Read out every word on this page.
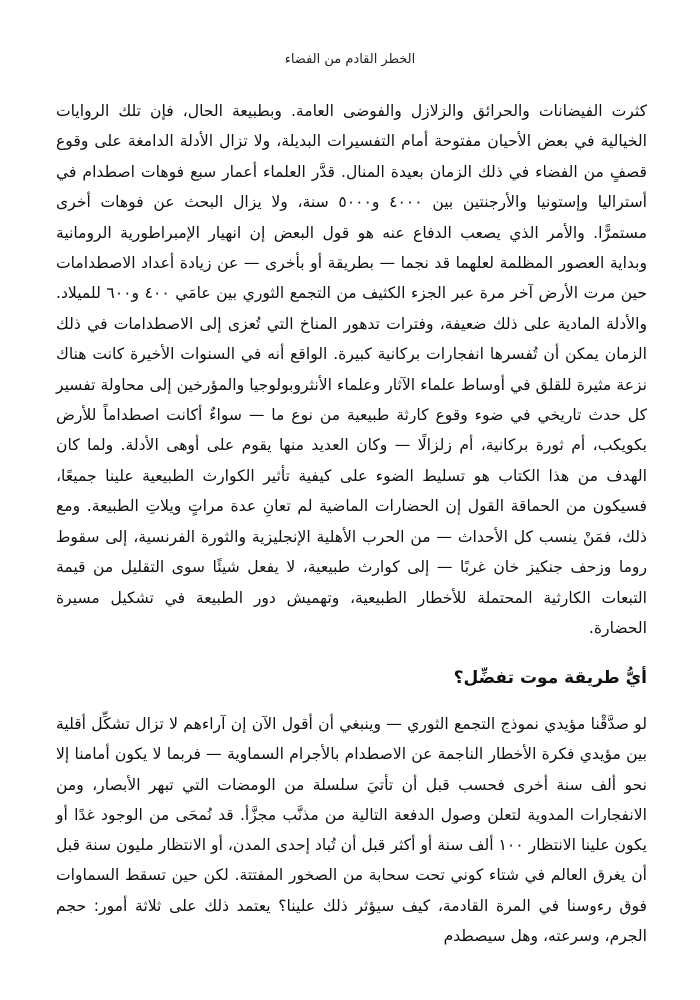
الخطر القادم من الفضاء

كثرت الفيضانات والحرائق والزلازل والفوضى العامة. وبطبيعة الحال، فإن تلك الروايات الخيالية في بعض الأحيان مفتوحة أمام التفسيرات البديلة، ولا تزال الأدلة الدامغة على وقوع قصفٍ من الفضاء في ذلك الزمان بعيدة المنال. قدَّر العلماء أعمار سبع فوهات اصطدام في أستراليا وإستونيا والأرجنتين بين ٤٠٠٠ و٥٠٠٠ سنة، ولا يزال البحث عن فوهات أخرى مستمرًّا. والأمر الذي يصعب الدفاع عنه هو قول البعض إن انهيار الإمبراطورية الرومانية وبداية العصور المظلمة لعلهما قد نجما — بطريقة أو بأخرى — عن زيادة أعداد الاصطدامات حين مرت الأرض آخر مرة عبر الجزء الكثيف من التجمع الثوري بين عامَي ٤٠٠ و٦٠٠ للميلاد. والأدلة المادية على ذلك ضعيفة، وفترات تدهور المناخ التي تُعزى إلى الاصطدامات في ذلك الزمان يمكن أن تُفسرها انفجارات بركانية كبيرة. الواقع أنه في السنوات الأخيرة كانت هناك نزعة مثيرة للقلق في أوساط علماء الآثار وعلماء الأنثروبولوجيا والمؤرخين إلى محاولة تفسير كل حدث تاريخي في ضوء وقوع كارثة طبيعية من نوع ما — سواءٌ أكانت اصطداماً للأرض بكويكب، أم ثورة بركانية، أم زلزالًا — وكان العديد منها يقوم على أوهى الأدلة. ولما كان الهدف من هذا الكتاب هو تسليط الضوء على كيفية تأثير الكوارث الطبيعية علينا جميعًا، فسيكون من الحماقة القول إن الحضارات الماضية لم تعانِ عدة مراتٍ ويلاتِ الطبيعة. ومع ذلك، فمَنْ ينسب كل الأحداث — من الحرب الأهلية الإنجليزية والثورة الفرنسية، إلى سقوط روما وزحف جنكيز خان غربًا — إلى كوارث طبيعية، لا يفعل شيئًا سوى التقليل من قيمة التبعات الكارثية المحتملة للأخطار الطبيعية، وتهميش دور الطبيعة في تشكيل مسيرة الحضارة.

أيُّ طريقة موت تفضِّل؟

لو صدَّقْنا مؤيدي نموذج التجمع الثوري — وينبغي أن أقول الآن إن آراءهم لا تزال تشكِّل أقلية بين مؤيدي فكرة الأخطار الناجمة عن الاصطدام بالأجرام السماوية — فربما لا يكون أمامنا إلا نحو ألف سنة أخرى فحسب قبل أن تأتيَ سلسلة من الومضات التي تبهر الأبصار، ومن الانفجارات المدوية لتعلن وصول الدفعة التالية من مذنَّب مجزَّأ. قد نُمحَى من الوجود غدًا أو يكون علينا الانتظار ١٠٠ ألف سنة أو أكثر قبل أن تُباد إحدى المدن، أو الانتظار مليون سنة قبل أن يغرق العالم في شتاء كوني تحت سحابة من الصخور المفتتة. لكن حين تسقط السماوات فوق رءوسنا في المرة القادمة، كيف سيؤثر ذلك علينا؟ يعتمد ذلك على ثلاثة أمور: حجم الجرم، وسرعته، وهل سيصطدم
